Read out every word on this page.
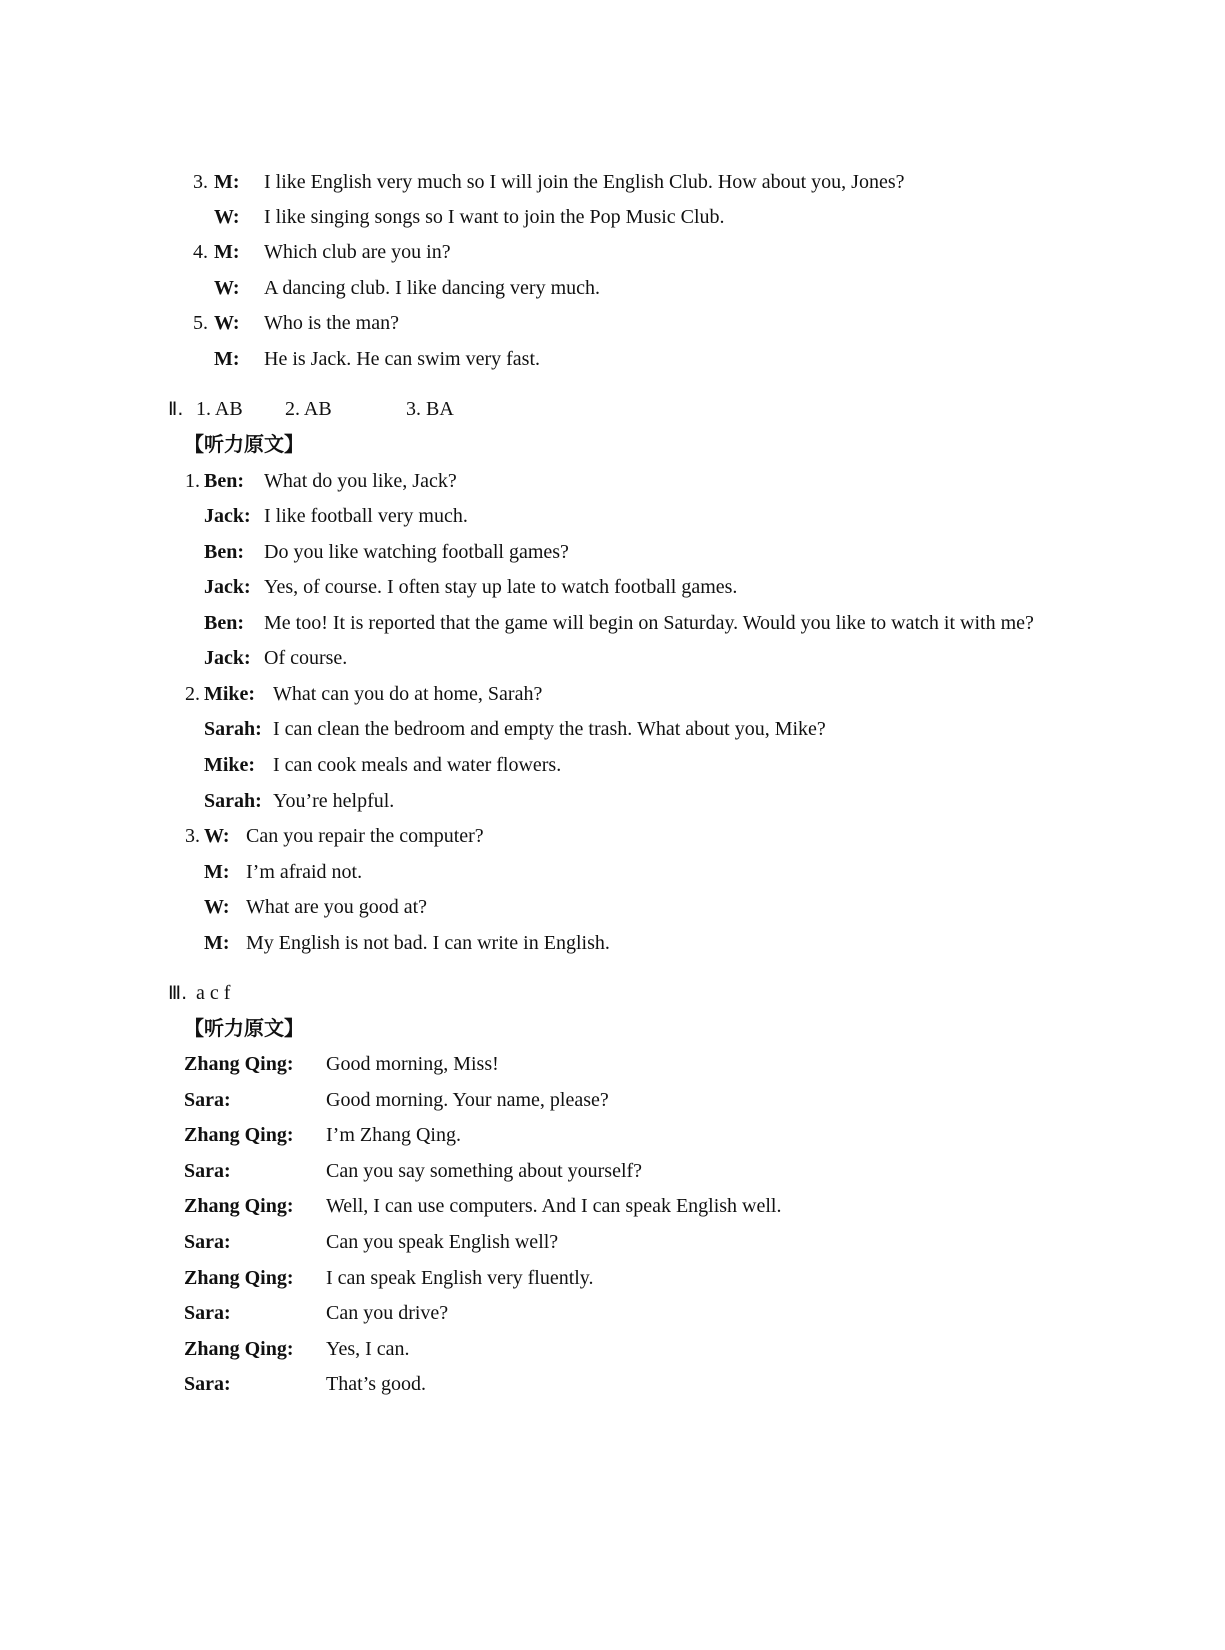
3. M: I like English very much so I will join the English Club. How about you, Jones?
W: I like singing songs so I want to join the Pop Music Club.
4. M: Which club are you in?
W: A dancing club. I like dancing very much.
5. W: Who is the man?
M: He is Jack. He can swim very fast.
Ⅱ. 1. AB 2. AB	3. BA
【听力原文】
1. Ben: What do you like, Jack?
Jack: I like football very much.
Ben: Do you like watching football games?
Jack: Yes, of course. I often stay up late to watch football games.
Ben: Me too! It is reported that the game will begin on Saturday. Would you like to watch it with me?
Jack: Of course.
2. Mike: What can you do at home, Sarah?
Sarah: I can clean the bedroom and empty the trash. What about you, Mike?
Mike: I can cook meals and water flowers.
Sarah: You’re helpful.
3. W: Can you repair the computer?
M: I’m afraid not.
W: What are you good at?
M: My English is not bad. I can write in English.
Ⅲ. a c f
【听力原文】
Zhang Qing: Good morning, Miss!
Sara:	Good morning. Your name, please?
Zhang Qing: I’m Zhang Qing.
Sara:	Can you say something about yourself?
Zhang Qing: Well, I can use computers. And I can speak English well.
Sara:	Can you speak English well?
Zhang Qing: I can speak English very fluently.
Sara:	Can you drive?
Zhang Qing: Yes, I can.
Sara:	That’s good.
